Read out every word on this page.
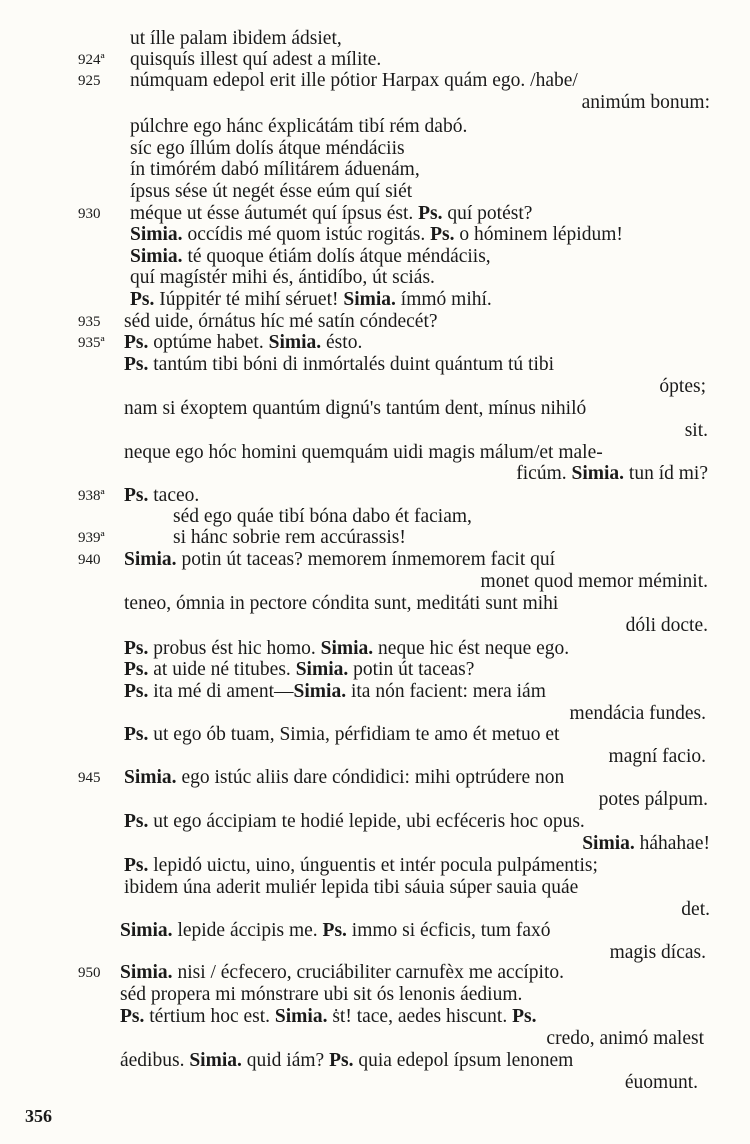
924ª
925
930
935
935ª
938ª
939ª
940
945
950
ut ílle palam ibidem ádsiet,
quisquís illest quí adest a mílite.
númquam edepol erit ille pótior Harpax quám ego. /habe/
animúm bonum:
púlchre ego hánc éxplicátám tibí rém dabó.
síc ego íllúm dolís átque méndáciis
ín timórém dabó mílitárem áduenám,
ípsus sése út negét ésse eúm quí siét
méque ut ésse áutumét quí ípsus ést. Ps. quí potést?
Simia. occídis mé quom istúc rogitás. Ps. o hóminem lépidum!
Simia. té quoque étiám dolís átque méndáciis,
quí magístér mihi és, ántidíbo, út sciás.
Ps. Iúppitér té mihí séruet! Simia. ímmó mihí.
séd uide, órnátus híc mé satín cóndecét?
Ps. optúme habet. Simia. ésto.
Ps. tantúm tibi bóni di inmórtalés duint quántum tú tibi
óptes;
nam si éxoptem quantúm dignú's tantúm dent, mínus nihiló
sit.
neque ego hóc homini quemquám uidi magis málum/et male-
ficúm. Simia. tun íd mi?
Ps. taceo.
séd ego quáe tibí bóna dabo ét faciam,
si hánc sobrie rem accúrassis!
Simia. potin út taceas? memorem ínmemorem facit quí
monet quod memor méminit.
teneo, ómnia in pectore cóndita sunt, meditáti sunt mihi
dóli docte.
Ps. probus ést hic homo. Simia. neque hic ést neque ego.
Ps. at uide né titubes. Simia. potin út taceas?
Ps. ita mé di ament—Simia. ita nón facient: mera iám
mendácia fundes.
Ps. ut ego ób tuam, Simia, pérfidiam te amo ét metuo et
magní facio.
Simia. ego istúc aliis dare cóndidici: mihi optrúdere non
potes pálpum.
Ps. ut ego áccipiam te hodié lepide, ubi ecféceris hoc opus.
Simia. háhahae!
Ps. lepidó uictu, uino, únguentis et intér pocula pulpámentis;
ibidem úna aderit muliér lepida tibi sáuia súper sauia quáe
det.
Simia. lepide áccipis me. Ps. immo si écficis, tum faxó
magis dícas.
Simia. nisi / écfecero, cruciábiliter carnufèx me accípito.
séd propera mi mónstrare ubi sit ós lenonis áedium.
Ps. tértium hoc est. Simia. ṡt! tace, aedes hiscunt. Ps.
credo, animó malest
áedibus. Simia. quid iám? Ps. quia edepol ípsum lenonem
éuomunt.
356
